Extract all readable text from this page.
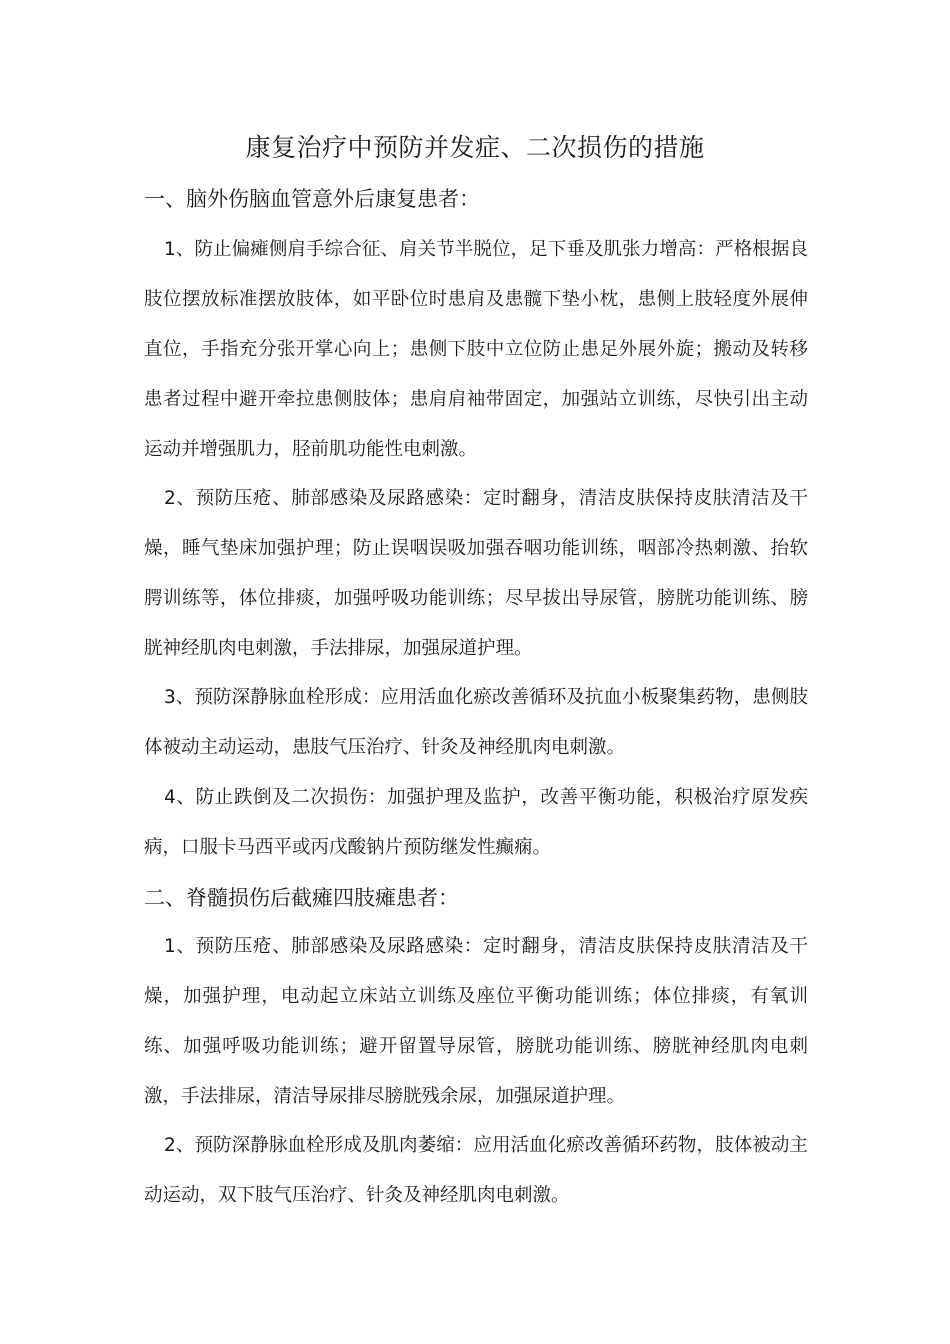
康复治疗中预防并发症、二次损伤的措施
一、脑外伤脑血管意外后康复患者：
1、防止偏瘫侧肩手综合征、肩关节半脱位，足下垂及肌张力增高：严格根据良肢位摆放标准摆放肢体，如平卧位时患肩及患髋下垫小枕，患侧上肢轻度外展伸直位，手指充分张开掌心向上；患侧下肢中立位防止患足外展外旋；搬动及转移患者过程中避开牵拉患侧肢体；患肩肩袖带固定，加强站立训练，尽快引出主动运动并增强肌力，胫前肌功能性电刺激。
2、预防压疮、肺部感染及尿路感染：定时翻身，清洁皮肤保持皮肤清洁及干燥，睡气垫床加强护理；防止误咽误吸加强吞咽功能训练，咽部冷热刺激、抬软腭训练等，体位排痰，加强呼吸功能训练；尽早拔出导尿管，膀胱功能训练、膀胱神经肌肉电刺激，手法排尿，加强尿道护理。
3、预防深静脉血栓形成：应用活血化瘀改善循环及抗血小板聚集药物，患侧肢体被动主动运动，患肢气压治疗、针灸及神经肌肉电刺激。
4、防止跌倒及二次损伤：加强护理及监护，改善平衡功能，积极治疗原发疾病，口服卡马西平或丙戊酸钠片预防继发性癫痫。
二、脊髓损伤后截瘫四肢瘫患者：
1、预防压疮、肺部感染及尿路感染：定时翻身，清洁皮肤保持皮肤清洁及干燥，加强护理，电动起立床站立训练及座位平衡功能训练；体位排痰，有氧训练、加强呼吸功能训练；避开留置导尿管，膀胱功能训练、膀胱神经肌肉电刺激，手法排尿，清洁导尿排尽膀胱残余尿，加强尿道护理。
2、预防深静脉血栓形成及肌肉萎缩：应用活血化瘀改善循环药物，肢体被动主动运动，双下肢气压治疗、针灸及神经肌肉电刺激。
